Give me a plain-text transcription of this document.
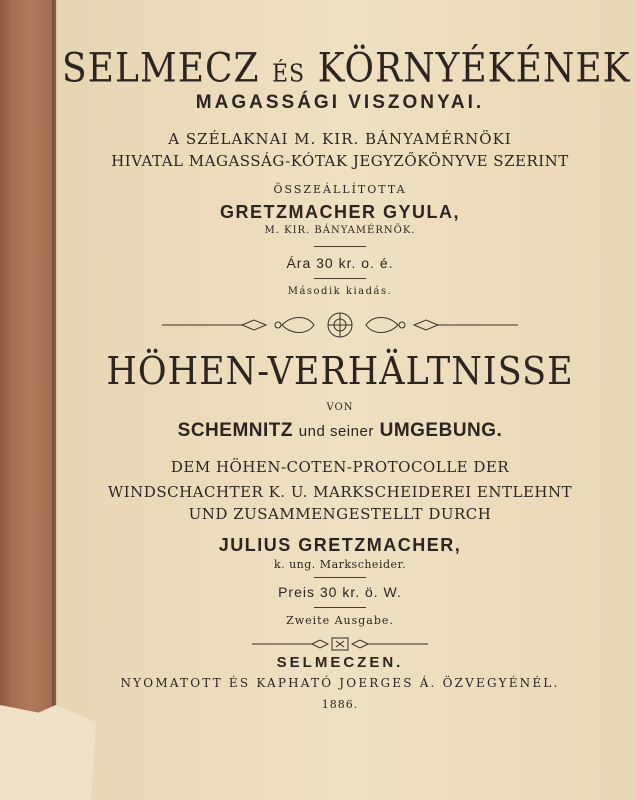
SELMECZ ÉS KÖRNYÉKÉNEK
MAGASSÁGI VISZONYAI.
A SZÉLAKNAI M. KIR. BÁNYAMÉRNÖKI
HIVATAL MAGASSÁG-KÓTAK JEGYZŐKÖNYVE SZERINT
ÖSSZEÁLLÍTOTTA
GRETZMACHER GYULA,
M. KIR. BÁNYAMÉRNÖK.
Ára 30 kr. o. é.
Második kiadás.
HÖHEN-VERHÄLTNISSE
VON
SCHEMNITZ und seiner UMGEBUNG.
DEM HÖHEN-COTEN-PROTOCOLLE DER
WINDSCHACHTER K. U. MARKSCHEIDEREI ENTLEHNT
UND ZUSAMMENGESTELLT DURCH
JULIUS GRETZMACHER,
k. ung. Markscheider.
Preis 30 kr. ö. W.
Zweite Ausgabe.
SELMECZEN.
NYOMATOTT ÉS KAPHATÓ JOERGES Á. ÖZVEGYÉNÉL.
1886.
